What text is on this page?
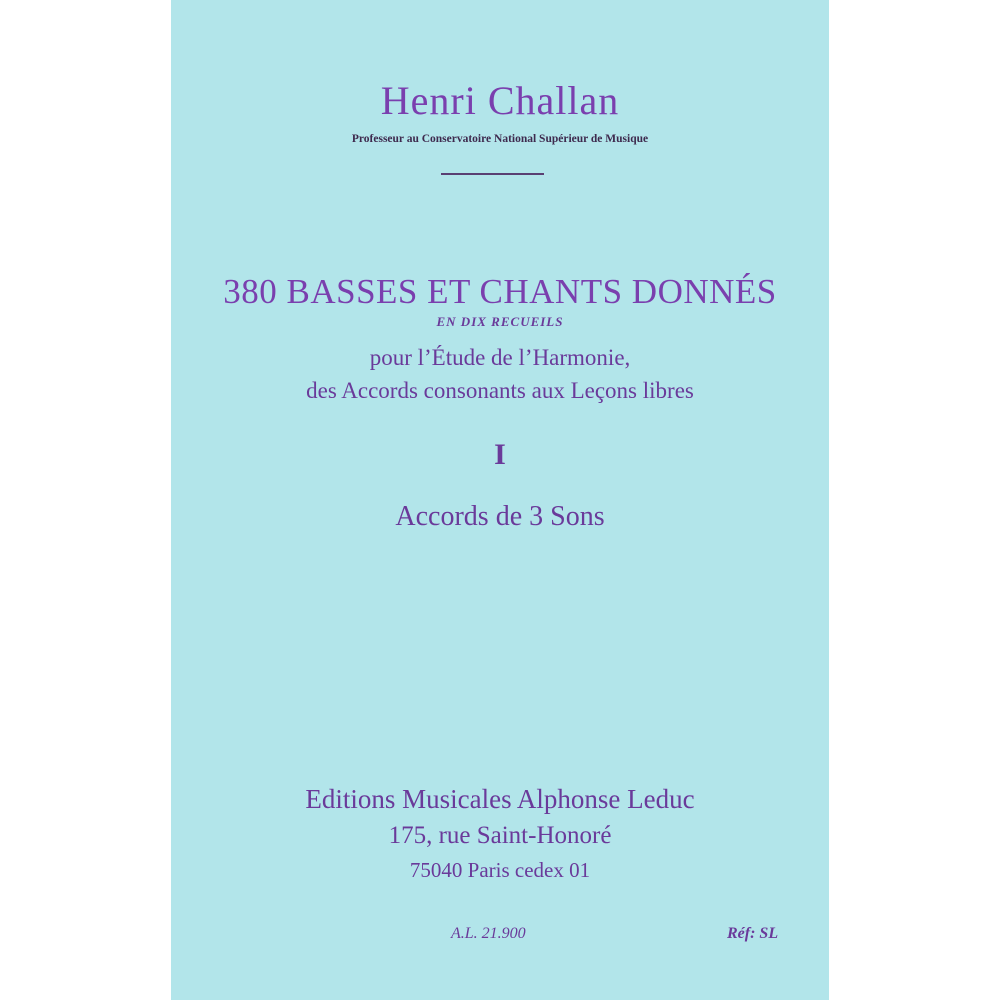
Henri Challan
Professeur au Conservatoire National Supérieur de Musique
380 BASSES ET CHANTS DONNÉS
EN DIX RECUEILS
pour l’Étude de l’Harmonie,
des Accords consonants aux Leçons libres
I
Accords de 3 Sons
Editions Musicales Alphonse Leduc
175, rue Saint-Honoré
75040 Paris cedex 01
A.L. 21.900	Réf: SL
